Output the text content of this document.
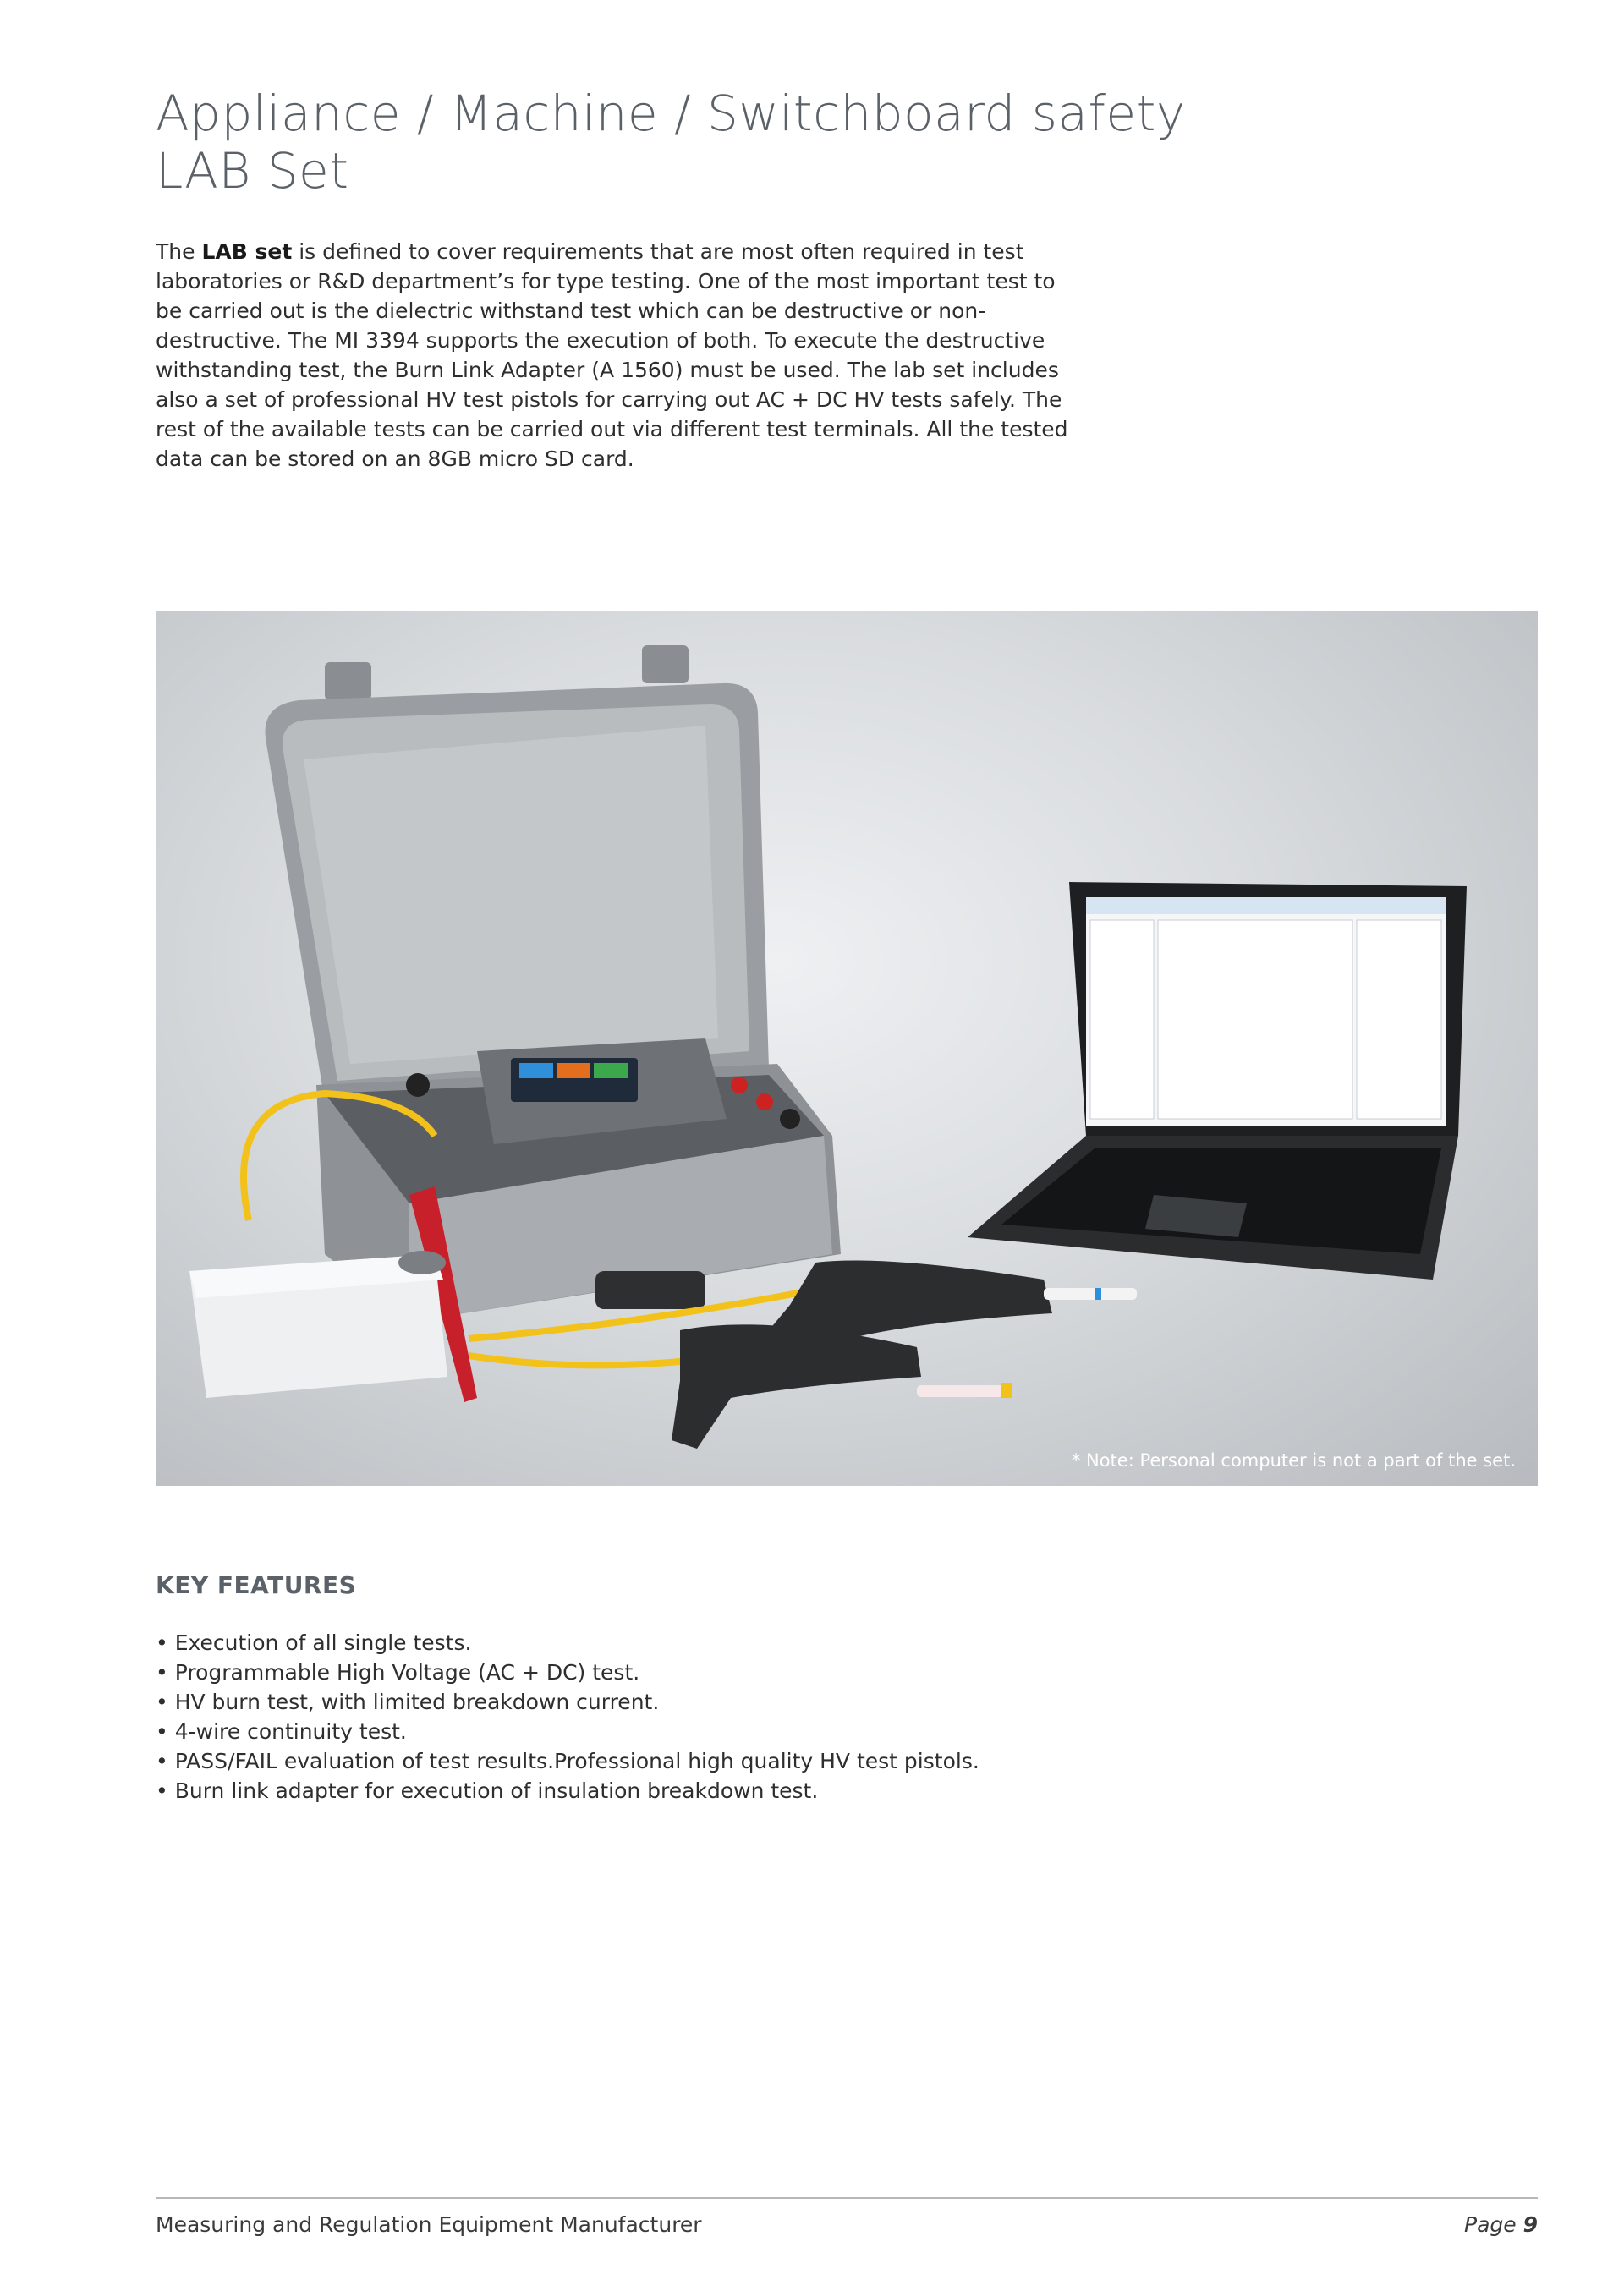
Appliance / Machine / Switchboard safety
LAB Set

The LAB set is defined to cover requirements that are most often required in test laboratories or R&D department’s for type testing. One of the most important test to be carried out is the dielectric withstand test which can be destructive or non-destructive. The MI 3394 supports the execution of both. To execute the destructive withstanding test, the Burn Link Adapter (A 1560) must be used. The lab set includes also a set of professional HV test pistols for carrying out AC + DC HV tests safely. The rest of the available tests can be carried out via different test terminals. All the tested data can be stored on an 8GB micro SD card.

* Note: Personal computer is not a part of the set.
KEY FEATURES
• Execution of all single tests.
• Programmable High Voltage (AC + DC) test.
• HV burn test, with limited breakdown current.
• 4-wire continuity test.
• PASS/FAIL evaluation of test results.Professional high quality HV test pistols.
• Burn link adapter for execution of insulation breakdown test.
Measuring and Regulation Equipment Manufacturer	Page 9
